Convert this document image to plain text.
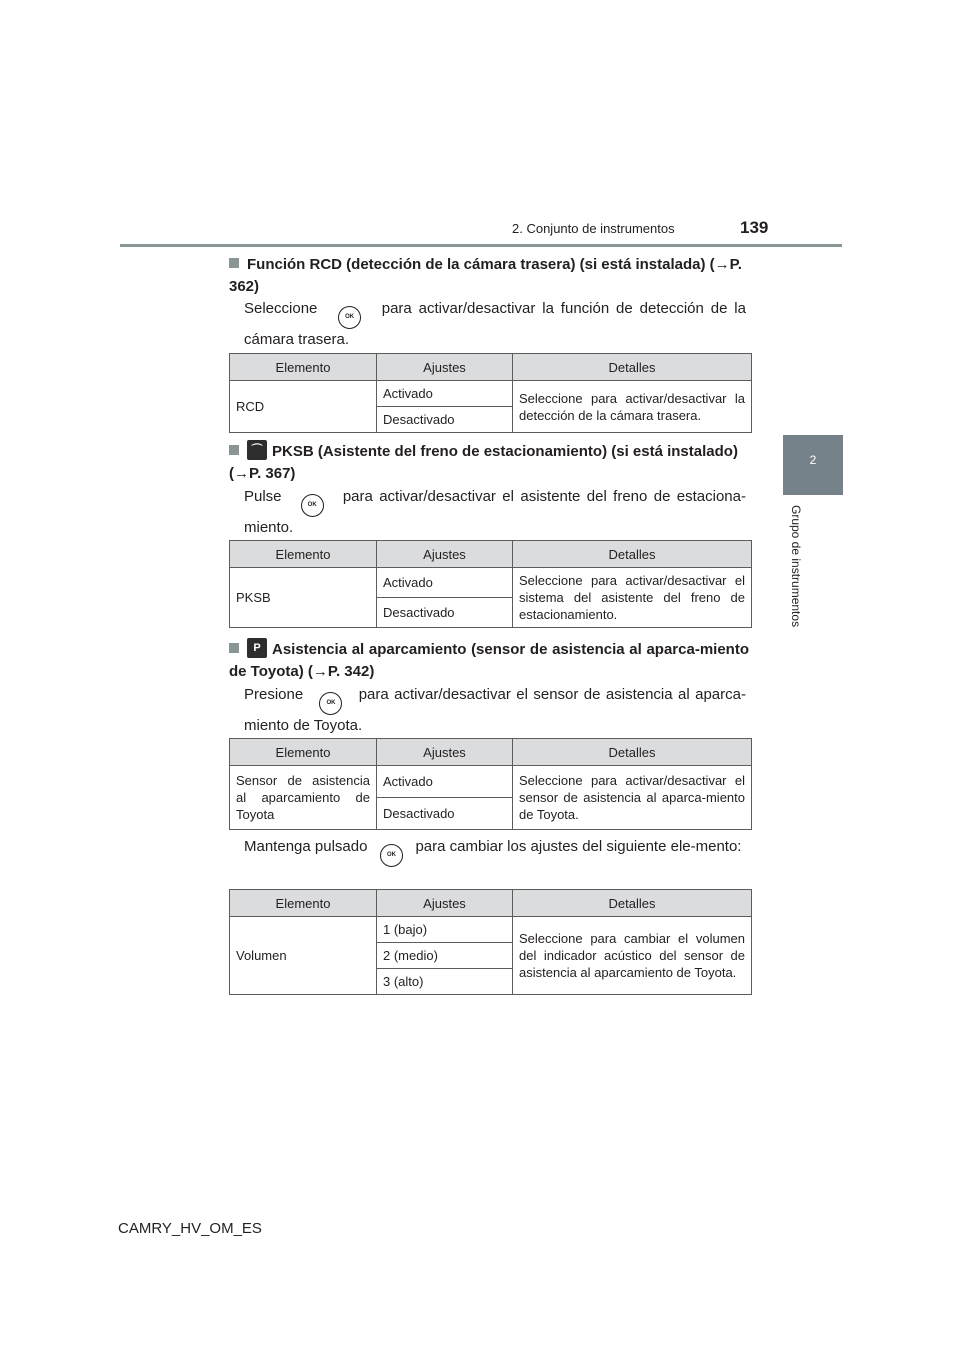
2. Conjunto de instrumentos	139
2
Grupo de instrumentos
Función RCD (detección de la cámara trasera) (si está instalada) (→P. 362)
Seleccione	OK para activar/desactivar la función de detección de la cámara trasera.
Elemento	Ajustes	Detalles
RCD	Activado	Seleccione para activar/desactivar la detección de la cámara trasera.
	Desactivado	
⌒ PKSB (Asistente del freno de estacionamiento) (si está instalado) (→P. 367)
Pulse	OK para activar/desactivar el asistente del freno de estaciona-miento.
Elemento	Ajustes	Detalles
PKSB	Activado	Seleccione para activar/desactivar el sistema del asistente del freno de estacionamiento.
	Desactivado	
P Asistencia al aparcamiento (sensor de asistencia al aparca-miento de Toyota) (→P. 342)
Presione	OK para activar/desactivar el sensor de asistencia al aparca-miento de Toyota.
Elemento	Ajustes	Detalles
Sensor de asistencia al aparcamiento de Toyota	Activado	Seleccione para activar/desactivar el sensor de asistencia al aparca-miento de Toyota.
	Desactivado	
Mantenga pulsado	OK para cambiar los ajustes del siguiente ele-mento:
Elemento	Ajustes	Detalles
Volumen	1 (bajo)	Seleccione para cambiar el volumen del indicador acústico del sensor de asistencia al aparcamiento de Toyota.
	2 (medio)	
	3 (alto)	
CAMRY_HV_OM_ES
